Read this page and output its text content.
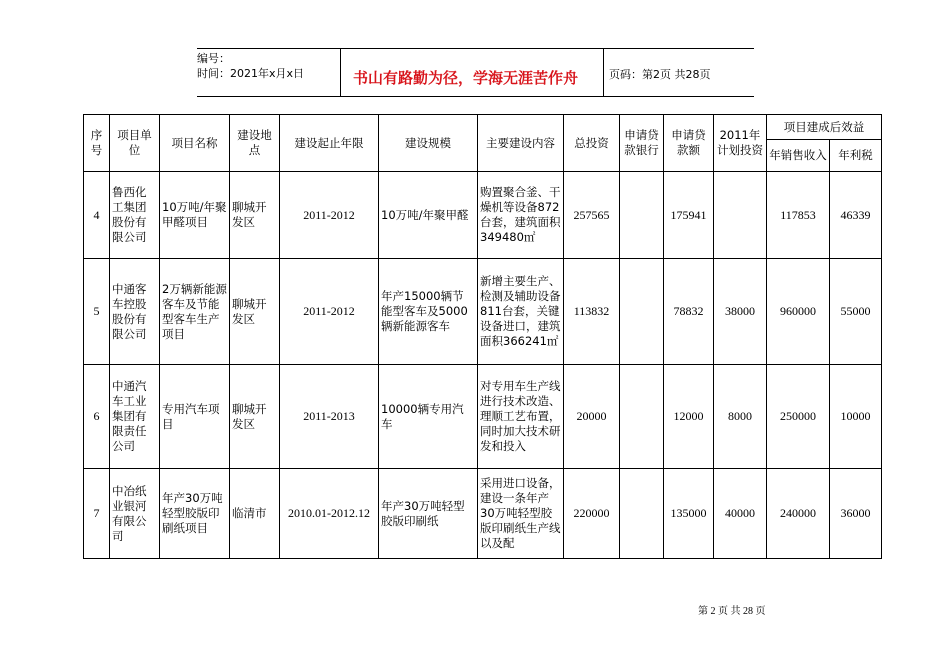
编号：
时间：2021年x月x日	书山有路勤为径，学海无涯苦作舟	页码：第2页 共28页
序号	项目单位	项目名称	建设地点	建设起止年限	建设规模	主要建设内容	总投资	申请贷款银行	申请贷款额	2011年计划投资	项目建成后效益	
											年销售收入	年利税
4	鲁西化工集团股份有限公司	10万吨/年聚甲醛项目	聊城开发区	2011-2012	10万吨/年聚甲醛	购置聚合釜、干燥机等设备872台套，建筑面积349480㎡	257565		175941		117853	46339
5	中通客车控股股份有限公司	2万辆新能源客车及节能型客车生产项目	聊城开发区	2011-2012	年产15000辆节能型客车及5000辆新能源客车	新增主要生产、检测及辅助设备811台套，关键设备进口，建筑面积366241㎡	113832		78832	38000	960000	55000
6	中通汽车工业集团有限责任公司	专用汽车项目	聊城开发区	2011-2013	10000辆专用汽车	对专用车生产线进行技术改造、理顺工艺布置，同时加大技术研发和投入	20000		12000	8000	250000	10000
7	中冶纸业银河有限公司	年产30万吨轻型胶版印刷纸项目	临清市	2010.01-2012.12	年产30万吨轻型胶版印刷纸	采用进口设备，建设一条年产30万吨轻型胶版印刷纸生产线以及配	220000		135000	40000	240000	36000
第 2 页 共 28 页
